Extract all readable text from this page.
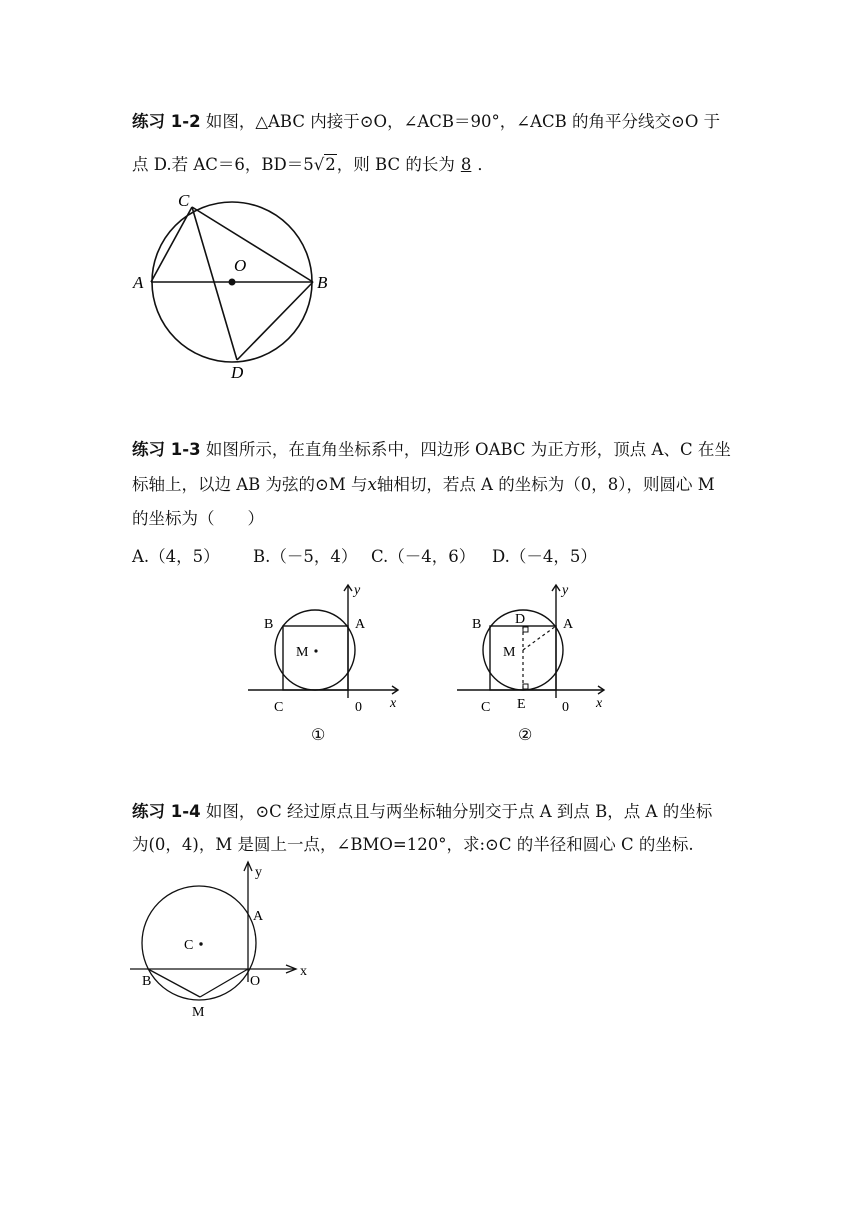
练习 1-2 如图，△ABC 内接于⊙O，∠ACB＝90°，∠ACB 的角平分线交⊙O 于
点 D.若 AC＝6，BD＝5√2，则 BC 的长为 8 ．
C
A
O
B
D
练习 1-3 如图所示，在直角坐标系中，四边形 OABC 为正方形，顶点 A、C 在坐
标轴上，以边 AB 为弦的⊙M 与x轴相切，若点 A 的坐标为（0，8），则圆心 M
的坐标为（　　）
A.（4，5） B.（－5，4） C.（－4，6） D.（－4，5）
B	A
M
C	0 x
y
①
B D	A
M
C E	0 x
y
②
练习 1-4 如图，⊙C 经过原点且与两坐标轴分别交于点 A 到点 B，点 A 的坐标
为(0，4)，M 是圆上一点，∠BMO=120°，求:⊙C 的半径和圆心 C 的坐标.
y
A
C
B	O
x
M
